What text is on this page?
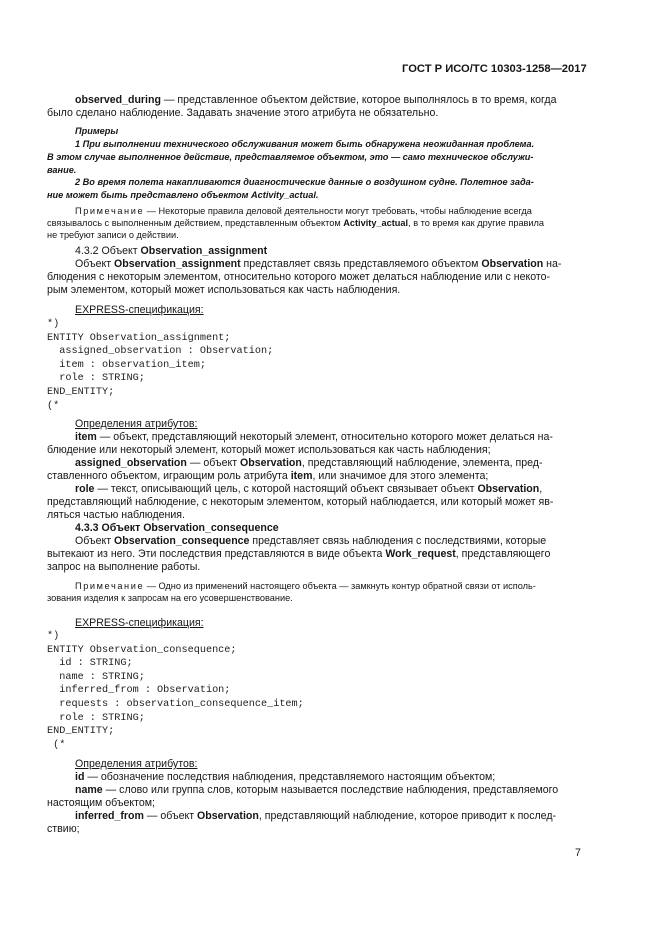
ГОСТ Р ИСО/ТС 10303-1258—2017
observed_during — представленное объектом действие, которое выполнялось в то время, когда
было сделано наблюдение. Задавать значение этого атрибута не обязательно.
Примеры
1 При выполнении технического обслуживания может быть обнаружена неожиданная проблема.
В этом случае выполненное действие, представляемое объектом, это — само техническое обслужи-
вание.
2 Во время полета накапливаются диагностические данные о воздушном судне. Полетное зада-
ние может быть представлено объектом Activity_actual.
Примечание — Некоторые правила деловой деятельности могут требовать, чтобы наблюдение всегда
связывалось с выполненным действием, представленным объектом Activity_actual, в то время как другие правила
не требуют записи о действии.
4.3.2 Объект Observation_assignment
Объект Observation_assignment представляет связь представляемого объектом Observation на-
блюдения с некоторым элементом, относительно которого может делаться наблюдение или с некото-
рым элементом, который может использоваться как часть наблюдения.
EXPRESS-спецификация:
*)
ENTITY Observation_assignment;
assigned_observation : Observation;
item : observation_item;
role : STRING;
END_ENTITY;
(*
Определения атрибутов:
item — объект, представляющий некоторый элемент, относительно которого может делаться на-
блюдение или некоторый элемент, который может использоваться как часть наблюдения;
assigned_observation — объект Observation, представляющий наблюдение, элемента, пред-
ставленного объектом, играющим роль атрибута item, или значимое для этого элемента;
role — текст, описывающий цель, с которой настоящий объект связывает объект Observation,
представляющий наблюдение, с некоторым элементом, который наблюдается, или который может яв-
ляться частью наблюдения.
4.3.3 Объект Observation_consequence
Объект Observation_consequence представляет связь наблюдения с последствиями, которые
вытекают из него. Эти последствия представляются в виде объекта Work_request, представляющего
запрос на выполнение работы.
Примечание — Одно из применений настоящего объекта — замкнуть контур обратной связи от исполь-
зования изделия к запросам на его усовершенствование.
EXPRESS-спецификация:
*)
ENTITY Observation_consequence;
id : STRING;
name : STRING;
inferred_from : Observation;
requests : observation_consequence_item;
role : STRING;
END_ENTITY;
(*
Определения атрибутов:
id — обозначение последствия наблюдения, представляемого настоящим объектом;
name — слово или группа слов, которым называется последствие наблюдения, представляемого
настоящим объектом;
inferred_from — объект Observation, представляющий наблюдение, которое приводит к послед-
ствию;
7
